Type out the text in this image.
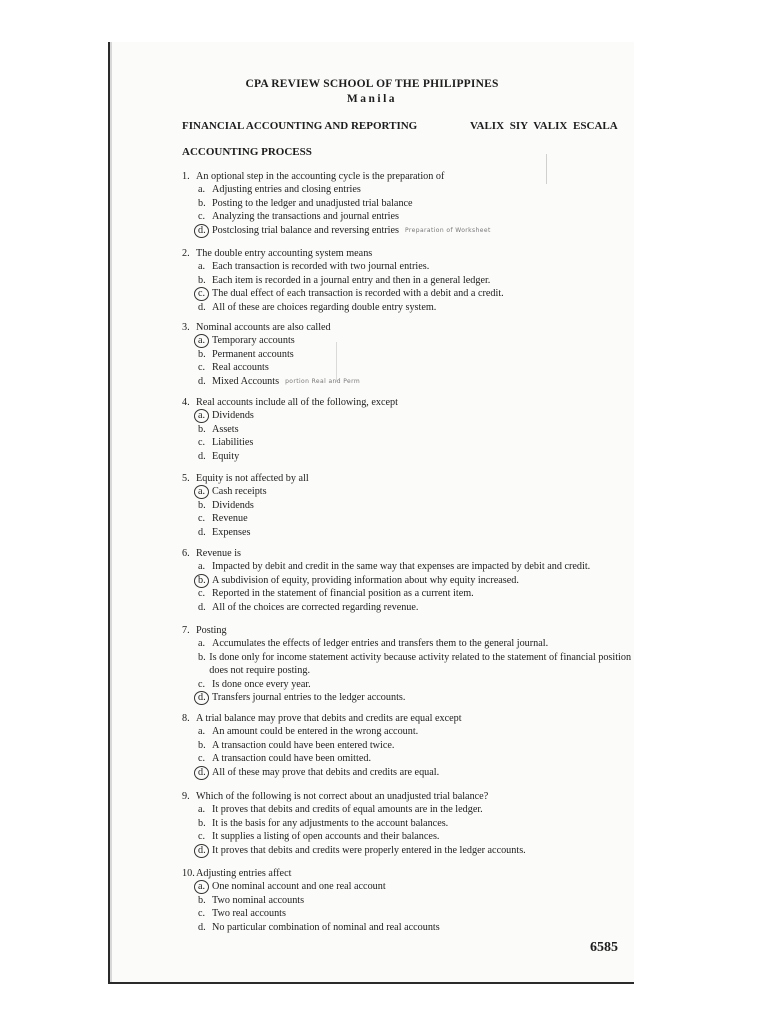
CPA REVIEW SCHOOL OF THE PHILIPPINES
Manila
FINANCIAL ACCOUNTING AND REPORTING	VALIX SIY VALIX ESCALA
ACCOUNTING PROCESS
1. An optional step in the accounting cycle is the preparation of
a. Adjusting entries and closing entries
b. Posting to the ledger and unadjusted trial balance
c. Analyzing the transactions and journal entries
d. Postclosing trial balance and reversing entries Preparation of Worksheet
2. The double entry accounting system means
a. Each transaction is recorded with two journal entries.
b. Each item is recorded in a journal entry and then in a general ledger.
c. The dual effect of each transaction is recorded with a debit and a credit.
d. All of these are choices regarding double entry system.
3. Nominal accounts are also called
a. Temporary accounts
b. Permanent accounts
c. Real accounts
d. Mixed Accounts portion Real and Perm
4. Real accounts include all of the following, except
a. Dividends
b. Assets
c. Liabilities
d. Equity
5. Equity is not affected by all
a. Cash receipts
b. Dividends
c. Revenue
d. Expenses
6. Revenue is
a. Impacted by debit and credit in the same way that expenses are impacted by debit and credit.
b. A subdivision of equity, providing information about why equity increased.
c. Reported in the statement of financial position as a current item.
d. All of the choices are corrected regarding revenue.
7. Posting
a. Accumulates the effects of ledger entries and transfers them to the general journal.
b. Is done only for income statement activity because activity related to the statement of financial position does not require posting.
c. Is done once every year.
d. Transfers journal entries to the ledger accounts.
8. A trial balance may prove that debits and credits are equal except
a. An amount could be entered in the wrong account.
b. A transaction could have been entered twice.
c. A transaction could have been omitted.
d. All of these may prove that debits and credits are equal.
9. Which of the following is not correct about an unadjusted trial balance?
a. It proves that debits and credits of equal amounts are in the ledger.
b. It is the basis for any adjustments to the account balances.
c. It supplies a listing of open accounts and their balances.
d. It proves that debits and credits were properly entered in the ledger accounts.
10. Adjusting entries affect
a. One nominal account and one real account
b. Two nominal accounts
c. Two real accounts
d. No particular combination of nominal and real accounts
6585
